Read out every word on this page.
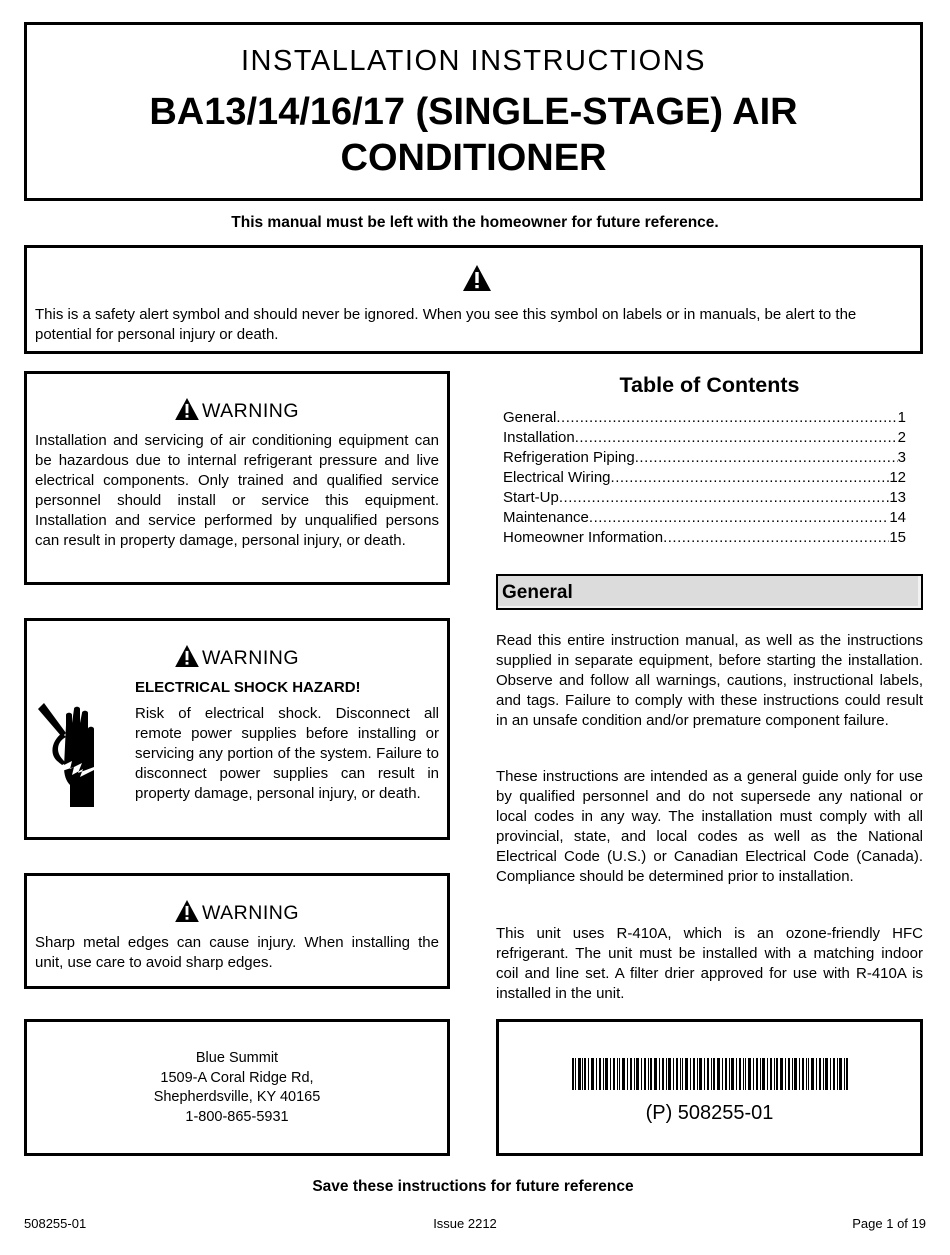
INSTALLATION INSTRUCTIONS
BA13/14/16/17 (SINGLE-STAGE) AIR
CONDITIONER
This manual must be left with the homeowner for future reference.
This is a safety alert symbol and should never be ignored. When you see this symbol on labels or in manuals, be alert to the potential for personal injury or death.
WARNING
Installation and servicing of air conditioning equipment can be hazardous due to internal refrigerant pressure and live electrical components. Only trained and qualified service personnel should install or service this equipment. Installation and service performed by unqualified persons can result in property damage, personal injury, or death.
WARNING
ELECTRICAL SHOCK HAZARD!
Risk of electrical shock. Disconnect all remote power supplies before installing or servicing any portion of the system. Failure to disconnect power supplies can result in property damage, personal injury, or death.
WARNING
Sharp metal edges can cause injury. When installing the unit, use care to avoid sharp edges.
Table of Contents
General .....	1
Installation .....	2
Refrigeration Piping .....	3
Electrical Wiring .....	12
Start-Up .....	13
Maintenance .....	14
Homeowner Information .....	15
General
Read this entire instruction manual, as well as the instructions supplied in separate equipment, before starting the installation. Observe and follow all warnings, cautions, instructional labels, and tags. Failure to comply with these instructions could result in an unsafe condition and/or premature component failure.
These instructions are intended as a general guide only for use by qualified personnel and do not supersede any national or local codes in any way. The installation must comply with all provincial, state, and local codes as well as the National Electrical Code (U.S.) or Canadian Electrical Code (Canada). Compliance should be determined prior to installation.
This unit uses R-410A, which is an ozone-friendly HFC refrigerant. The unit must be installed with a matching indoor coil and line set. A filter drier approved for use with R-410A is installed in the unit.
Blue Summit
1509-A Coral Ridge Rd,
Shepherdsville, KY 40165
1-800-865-5931	(P) 508255-01
Save these instructions for future reference
508255-01	Issue 2212	Page 1 of 19
